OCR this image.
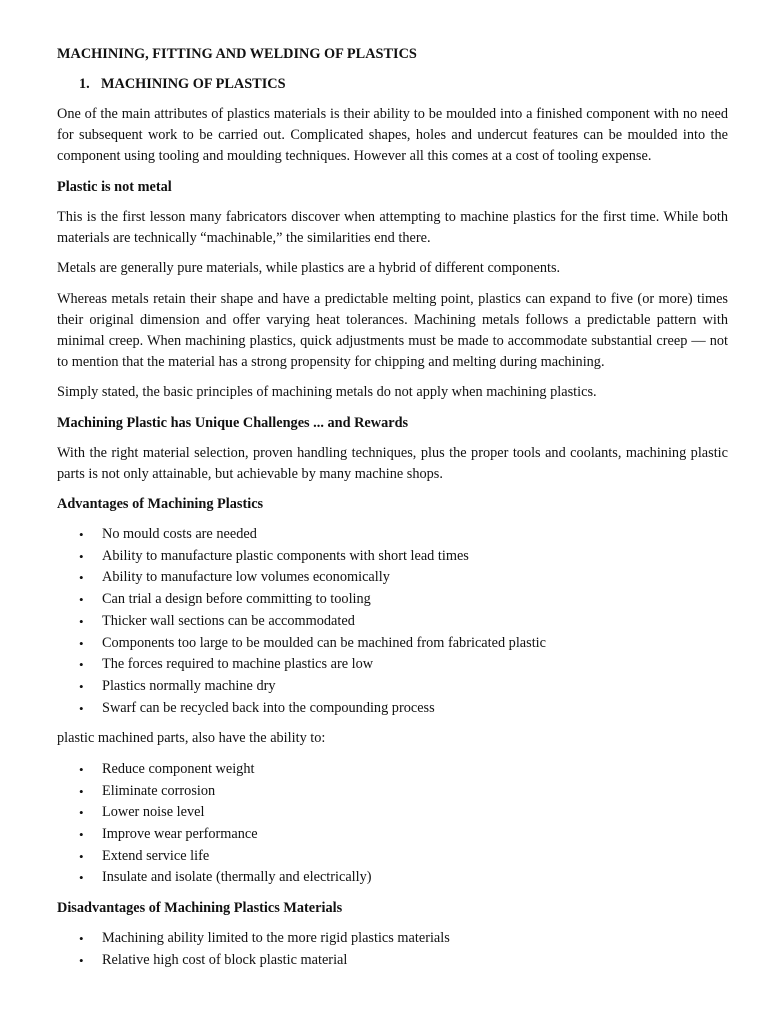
MACHINING, FITTING AND WELDING OF PLASTICS
1. MACHINING OF PLASTICS

One of the main attributes of plastics materials is their ability to be moulded into a finished component with no need for subsequent work to be carried out. Complicated shapes, holes and undercut features can be moulded into the component using tooling and moulding techniques. However all this comes at a cost of tooling expense.

Plastic is not metal

This is the first lesson many fabricators discover when attempting to machine plastics for the first time. While both materials are technically “machinable,” the similarities end there.

Metals are generally pure materials, while plastics are a hybrid of different components.

Whereas metals retain their shape and have a predictable melting point, plastics can expand to five (or more) times their original dimension and offer varying heat tolerances. Machining metals follows a predictable pattern with minimal creep. When machining plastics, quick adjustments must be made to accommodate substantial creep — not to mention that the material has a strong propensity for chipping and melting during machining.

Simply stated, the basic principles of machining metals do not apply when machining plastics.

Machining Plastic has Unique Challenges ... and Rewards

With the right material selection, proven handling techniques, plus the proper tools and coolants, machining plastic parts is not only attainable, but achievable by many machine shops.

Advantages of Machining Plastics
• No mould costs are needed
• Ability to manufacture plastic components with short lead times
• Ability to manufacture low volumes economically
• Can trial a design before committing to tooling
• Thicker wall sections can be accommodated
• Components too large to be moulded can be machined from fabricated plastic
• The forces required to machine plastics are low
• Plastics normally machine dry
• Swarf can be recycled back into the compounding process

plastic machined parts, also have the ability to:

• Reduce component weight
• Eliminate corrosion
• Lower noise level
• Improve wear performance
• Extend service life
• Insulate and isolate (thermally and electrically)
Disadvantages of Machining Plastics Materials
• Machining ability limited to the more rigid plastics materials
• Relative high cost of block plastic material
